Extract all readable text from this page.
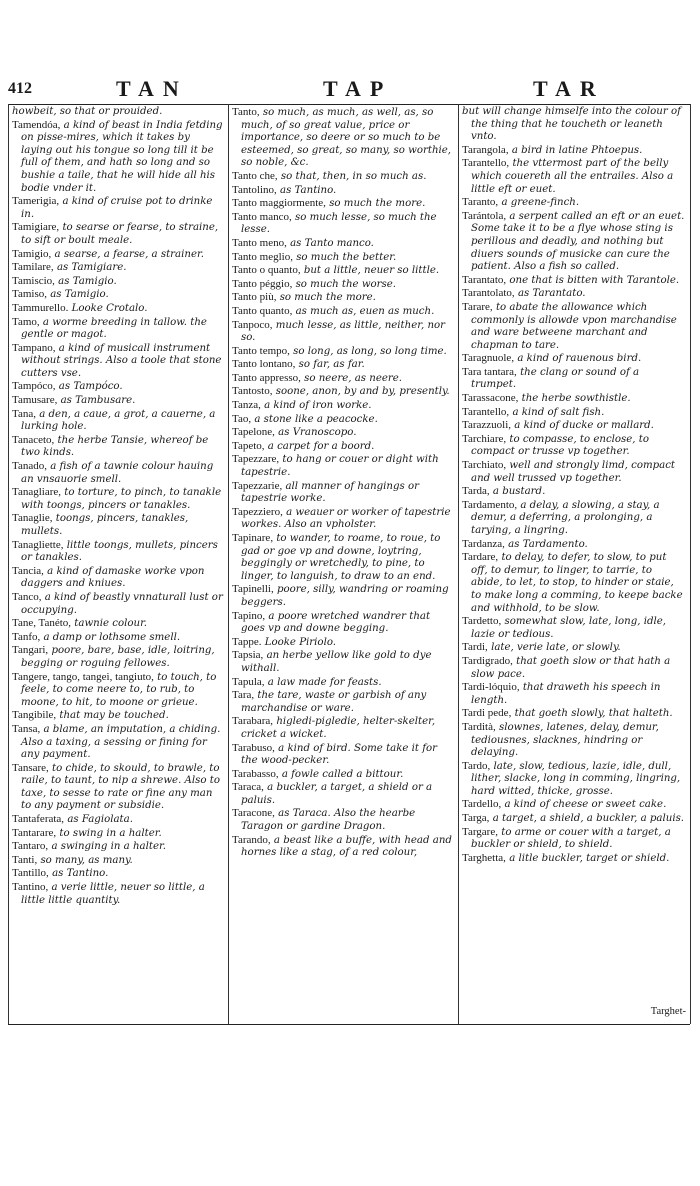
412	TAN	TAP	TAR

howbeit, so that or prouided.

Tamendóa, a kind of beast in India fetding on pisse-mires, which it takes by laying out his tongue so long till it be full of them, and hath so long and so bushie a taile, that he will hide all his bodie vnder it.

Tamerigia, a kind of cruise pot to drinke in.

Tamigiare, to searse or fearse, to straine, to sift or boult meale.

Tamigio, a searse, a fearse, a strainer.

Tamilare, as Tamigiare.

Tamiscio, as Tamigio.

Tamiso, as Tamigio.

Tammurello. Looke Crotalo.

Tamo, a worme breeding in tallow. the gentle or magot.

Tampano, a kind of musicall instrument without strings. Also a toole that stone cutters vse.

Tampóco, as Tampóco.

Tamusare, as Tambusare.

Tana, a den, a caue, a grot, a cauerne, a lurking hole.

Tanaceto, the herbe Tansie, whereof be two kinds.

Tanado, a fish of a tawnie colour hauing an vnsauorie smell.

Tanagliare, to torture, to pinch, to tanakle with toongs, pincers or tanakles.

Tanaglie, toongs, pincers, tanakles, mullets.

Tanagliette, little toongs, mullets, pincers or tanakles.

Tancia, a kind of damaske worke vpon daggers and kniues.

Tanco, a kind of beastly vnnaturall lust or occupying.

Tane, Tanéto, tawnie colour.

Tanfo, a damp or lothsome smell.

Tangari, poore, bare, base, idle, loitring, begging or roguing fellowes.

Tangere, tango, tangei, tangiuto, to touch, to feele, to come neere to, to rub, to moone, to hit, to moone or grieue.

Tangibile, that may be touched.

Tansa, a blame, an imputation, a chiding. Also a taxing, a sessing or fining for any payment.

Tansare, to chide, to skould, to brawle, to raile, to taunt, to nip a shrewe. Also to taxe, to sesse to rate or fine any man to any payment or subsidie.

Tantaferata, as Fagiolata.

Tantarare, to swing in a halter.

Tantaro, a swinging in a halter.

Tanti, so many, as many.

Tantillo, as Tantino.

Tantino, a verie little, neuer so little, a little little quantity.

Tanto, so much, as much, as well, as, so much, of so great value, price or importance, so deere or so much to be esteemed, so great, so many, so worthie, so noble, &c.

Tanto che, so that, then, in so much as.

Tantolino, as Tantino.

Tanto maggiormente, so much the more.

Tanto manco, so much lesse, so much the lesse.

Tanto meno, as Tanto manco.

Tanto meglio, so much the better.

Tanto o quanto, but a little, neuer so little.

Tanto péggio, so much the worse.

Tanto più, so much the more.

Tanto quanto, as much as, euen as much.

Tanpoco, much lesse, as little, neither, nor so.

Tanto tempo, so long, as long, so long time.

Tanto lontano, so far, as far.

Tanto appresso, so neere, as neere.

Tantosto, soone, anon, by and by, presently.

Tanza, a kind of iron worke.

Tao, a stone like a peacocke.

Tapelone, as Vranoscopo.

Tapeto, a carpet for a boord.

Tapezzare, to hang or couer or dight with tapestrie.

Tapezzarie, all manner of hangings or tapestrie worke.

Tapezziero, a weauer or worker of tapestrie workes. Also an vpholster.

Tapinare, to wander, to roame, to roue, to gad or goe vp and downe, loytring, beggingly or wretchedly, to pine, to linger, to languish, to draw to an end.

Tapinelli, poore, silly, wandring or roaming beggers.

Tapino, a poore wretched wandrer that goes vp and downe begging.

Tappe. Looke Piriolo.

Tapsia, an herbe yellow like gold to dye withall.

Tapula, a law made for feasts.

Tara, the tare, waste or garbish of any marchandise or ware.

Tarabara, higledi-pigledie, helter-skelter, cricket a wicket.

Tarabuso, a kind of bird. Some take it for the wood-pecker.

Tarabasso, a fowle called a bittour.

Taraca, a buckler, a target, a shield or a paluis.

Taracone, as Taraca. Also the hearbe Taragon or gardine Dragon.

Tarando, a beast like a buffe, with head and hornes like a stag, of a red colour,

but will change himselfe into the colour of the thing that he toucheth or leaneth vnto.

Tarangola, a bird in latine Phtoepus.

Tarantello, the vttermost part of the belly which couereth all the entrailes. Also a little eft or euet.

Taranto, a greene-finch.

Tarántola, a serpent called an eft or an euet. Some take it to be a flye whose sting is perillous and deadly, and nothing but diuers sounds of musicke can cure the patient. Also a fish so called.

Tarantato, one that is bitten with Tarantole.

Tarantolato, as Tarantato.

Tarare, to abate the allowance which commonly is allowde vpon marchandise and ware betweene marchant and chapman to tare.

Taragnuole, a kind of rauenous bird.

Tara tantara, the clang or sound of a trumpet.

Tarassacone, the herbe sowthistle.

Tarantello, a kind of salt fish.

Tarazzuoli, a kind of ducke or mallard.

Tarchiare, to compasse, to enclose, to compact or trusse vp together.

Tarchiato, well and strongly limd, compact and well trussed vp together.

Tarda, a bustard.

Tardamento, a delay, a slowing, a stay, a demur, a deferring, a prolonging, a tarying, a lingring.

Tardanza, as Tardamento.

Tardare, to delay, to defer, to slow, to put off, to demur, to linger, to tarrie, to abide, to let, to stop, to hinder or staie, to make long a comming, to keepe backe and withhold, to be slow.

Tardetto, somewhat slow, late, long, idle, lazie or tedious.

Tardi, late, verie late, or slowly.

Tardigrado, that goeth slow or that hath a slow pace.

Tardi-lóquio, that draweth his speech in length.

Tardi pede, that goeth slowly, that halteth.

Tardità, slownes, latenes, delay, demur, tediousnes, slacknes, hindring or delaying.

Tardo, late, slow, tedious, lazie, idle, dull, lither, slacke, long in comming, lingring, hard witted, thicke, grosse.

Tardello, a kind of cheese or sweet cake.

Targa, a target, a shield, a buckler, a paluis.

Targare, to arme or couer with a target, a buckler or shield, to shield.

Targhetta, a litle buckler, target or shield.

Targhet-
